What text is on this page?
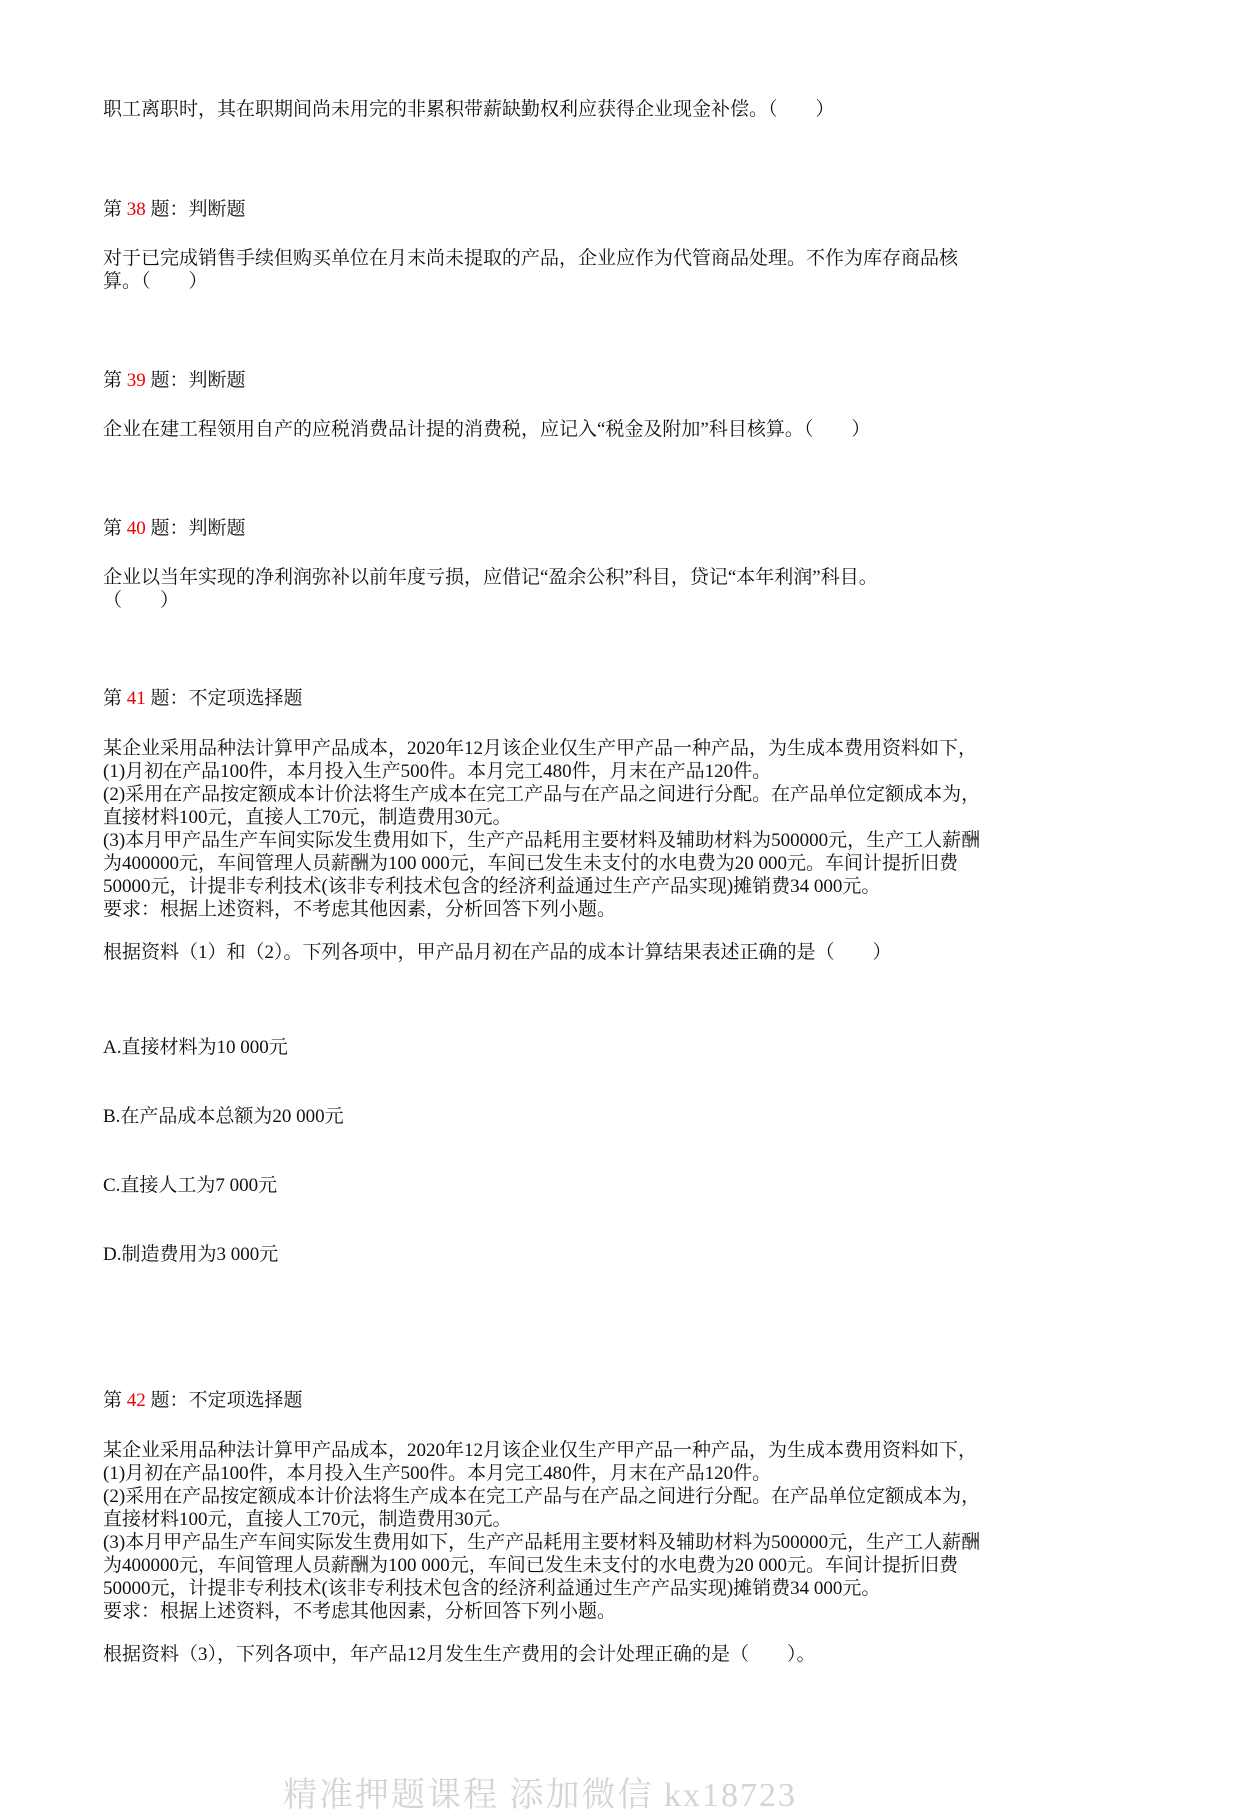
职工离职时，其在职期间尚未用完的非累积带薪缺勤权利应获得企业现金补偿。（　　）
第 38 题：判断题
对于已完成销售手续但购买单位在月末尚未提取的产品，企业应作为代管商品处理。不作为库存商品核算。（　　）
第 39 题：判断题
企业在建工程领用自产的应税消费品计提的消费税，应记入“税金及附加”科目核算。（　　）
第 40 题：判断题
企业以当年实现的净利润弥补以前年度亏损，应借记“盈余公积”科目，贷记“本年利润”科目。
（　　）
第 41 题：不定项选择题
某企业采用品种法计算甲产品成本，2020年12月该企业仅生产甲产品一种产品，为生成本费用资料如下，
(1)月初在产品100件，本月投入生产500件。本月完工480件，月末在产品120件。
(2)采用在产品按定额成本计价法将生产成本在完工产品与在产品之间进行分配。在产品单位定额成本为，
直接材料100元，直接人工70元，制造费用30元。
(3)本月甲产品生产车间实际发生费用如下，生产产品耗用主要材料及辅助材料为500000元，生产工人薪酬
为400000元，车间管理人员薪酬为100 000元，车间已发生未支付的水电费为20 000元。车间计提折旧费
50000元，计提非专利技术(该非专利技术包含的经济利益通过生产产品实现)摊销费34 000元。
要求：根据上述资料，不考虑其他因素，分析回答下列小题。
根据资料（1）和（2）。下列各项中，甲产品月初在产品的成本计算结果表述正确的是（　　）

A.直接材料为10 000元

B.在产品成本总额为20 000元

C.直接人工为7 000元

D.制造费用为3 000元

第 42 题：不定项选择题
某企业采用品种法计算甲产品成本，2020年12月该企业仅生产甲产品一种产品，为生成本费用资料如下，
(1)月初在产品100件，本月投入生产500件。本月完工480件，月末在产品120件。
(2)采用在产品按定额成本计价法将生产成本在完工产品与在产品之间进行分配。在产品单位定额成本为，
直接材料100元，直接人工70元，制造费用30元。
(3)本月甲产品生产车间实际发生费用如下，生产产品耗用主要材料及辅助材料为500000元，生产工人薪酬
为400000元，车间管理人员薪酬为100 000元，车间已发生未支付的水电费为20 000元。车间计提折旧费
50000元，计提非专利技术(该非专利技术包含的经济利益通过生产产品实现)摊销费34 000元。
要求：根据上述资料，不考虑其他因素，分析回答下列小题。
根据资料（3），下列各项中，年产品12月发生生产费用的会计处理正确的是（　　）。
精准押题课程 添加微信 kx18723
